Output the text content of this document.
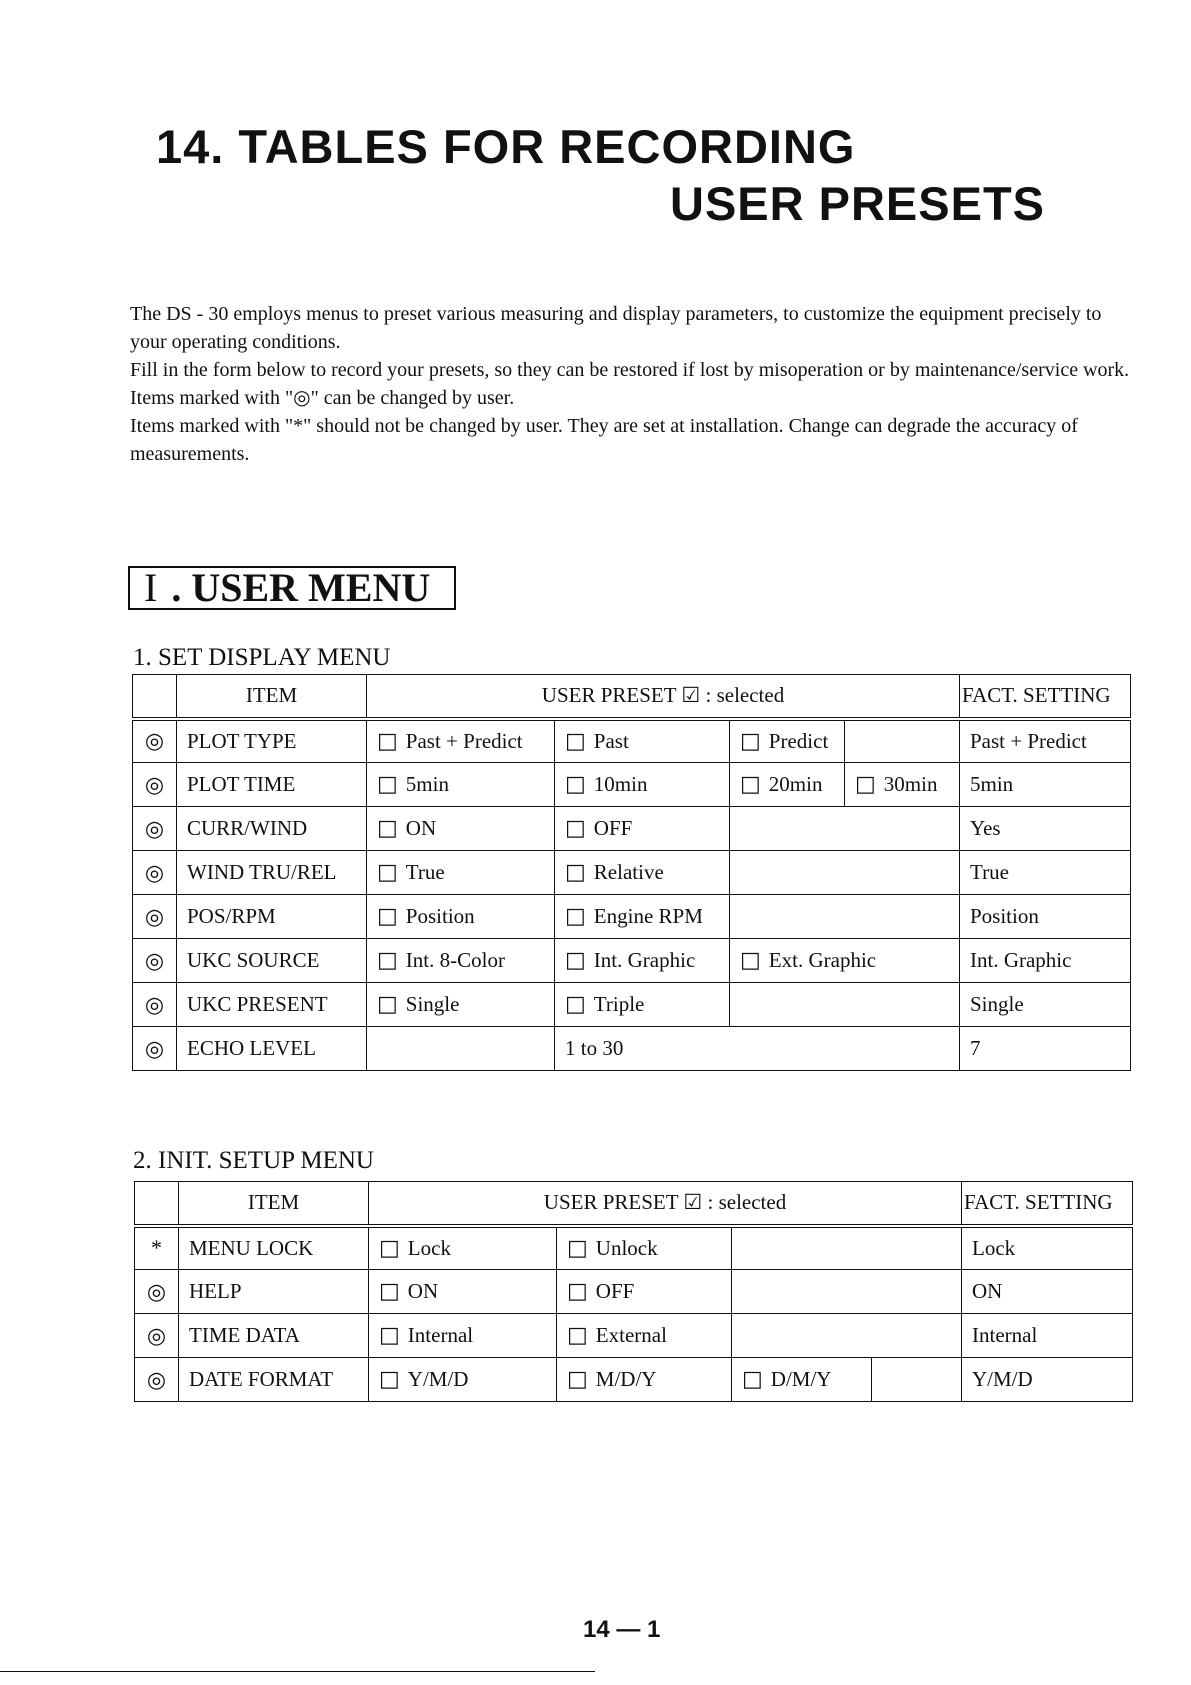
14. TABLES FOR RECORDING
USER PRESETS

The DS - 30 employs menus to preset various measuring and display parameters, to customize the equipment precisely to your operating conditions.

Fill in the form below to record your presets, so they can be restored if lost by misoperation or by maintenance/service work.

Items marked with "◎" can be changed by user.

Items marked with "*" should not be changed by user. They are set at installation. Change can degrade the accuracy of measurements.

I . USER MENU
1. SET DISPLAY MENU
	ITEM	USER PRESET ☑ : selected				FACT. SETTING
◎	PLOT TYPE	□ Past + Predict	□ Past	□ Predict		Past + Predict
◎	PLOT TIME	□ 5min	□ 10min	□ 20min	□ 30min	5min
◎	CURR/WIND	□ ON	□ OFF			Yes
◎	WIND TRU/REL	□ True	□ Relative			True
◎	POS/RPM	□ Position	□ Engine RPM			Position
◎	UKC SOURCE	□ Int. 8-Color	□ Int. Graphic	□ Ext. Graphic		Int. Graphic
◎	UKC PRESENT	□ Single	□ Triple			Single
◎	ECHO LEVEL		1 to 30			7
2. INIT. SETUP MENU
	ITEM	USER PRESET ☑ : selected				FACT. SETTING
*	MENU LOCK	□ Lock	□ Unlock			Lock
◎	HELP	□ ON	□ OFF			ON
◎	TIME DATA	□ Internal	□ External			Internal
◎	DATE FORMAT	□ Y/M/D	□ M/D/Y	□ D/M/Y		Y/M/D
14 — 1
